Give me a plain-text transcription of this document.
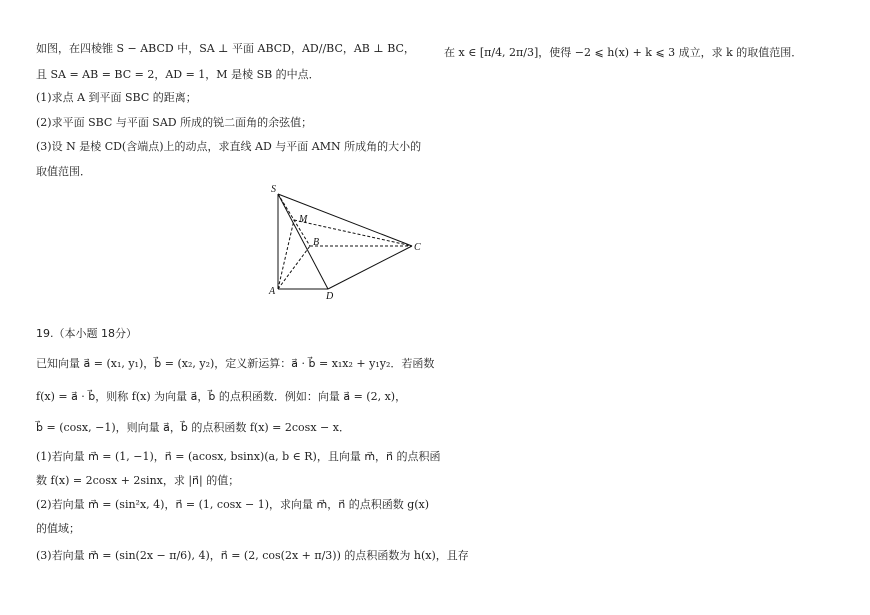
如图，在四棱锥 S − ABCD 中，SA ⊥ 平面 ABCD，AD//BC，AB ⊥ BC，
且 SA = AB = BC = 2，AD = 1，M 是棱 SB 的中点．
(1)求点 A 到平面 SBC 的距离；
(2)求平面 SBC 与平面 SAD 所成的锐二面角的余弦值；
(3)设 N 是棱 CD(含端点)上的动点，求直线 AD 与平面 AMN 所成角的大小的
取值范围．
S
M
B	C
A	D
19.（本小题 18分）
已知向量 a⃗ = (x₁, y₁)，b⃗ = (x₂, y₂)，定义新运算：a⃗ · b⃗ = x₁x₂ + y₁y₂．若函数
f(x) = a⃗ · b⃗，则称 f(x) 为向量 a⃗，b⃗ 的点积函数．例如：向量 a⃗ = (2, x)，
b⃗ = (cosx, −1)，则向量 a⃗，b⃗ 的点积函数 f(x) = 2cosx − x．
(1)若向量 m⃗ = (1, −1)，n⃗ = (acosx, bsinx)(a, b ∈ R)，且向量 m⃗，n⃗ 的点积函
数 f(x) = 2cosx + 2sinx，求 |n⃗| 的值；
(2)若向量 m⃗ = (sin²x, 4)，n⃗ = (1, cosx − 1)，求向量 m⃗，n⃗ 的点积函数 g(x)
的值域；
(3)若向量 m⃗ = (sin(2x − π/6), 4)，n⃗ = (2, cos(2x + π/3)) 的点积函数为 h(x)，且存
在 x ∈ [π/4, 2π/3]，使得 −2 ⩽ h(x) + k ⩽ 3 成立，求 k 的取值范围．
